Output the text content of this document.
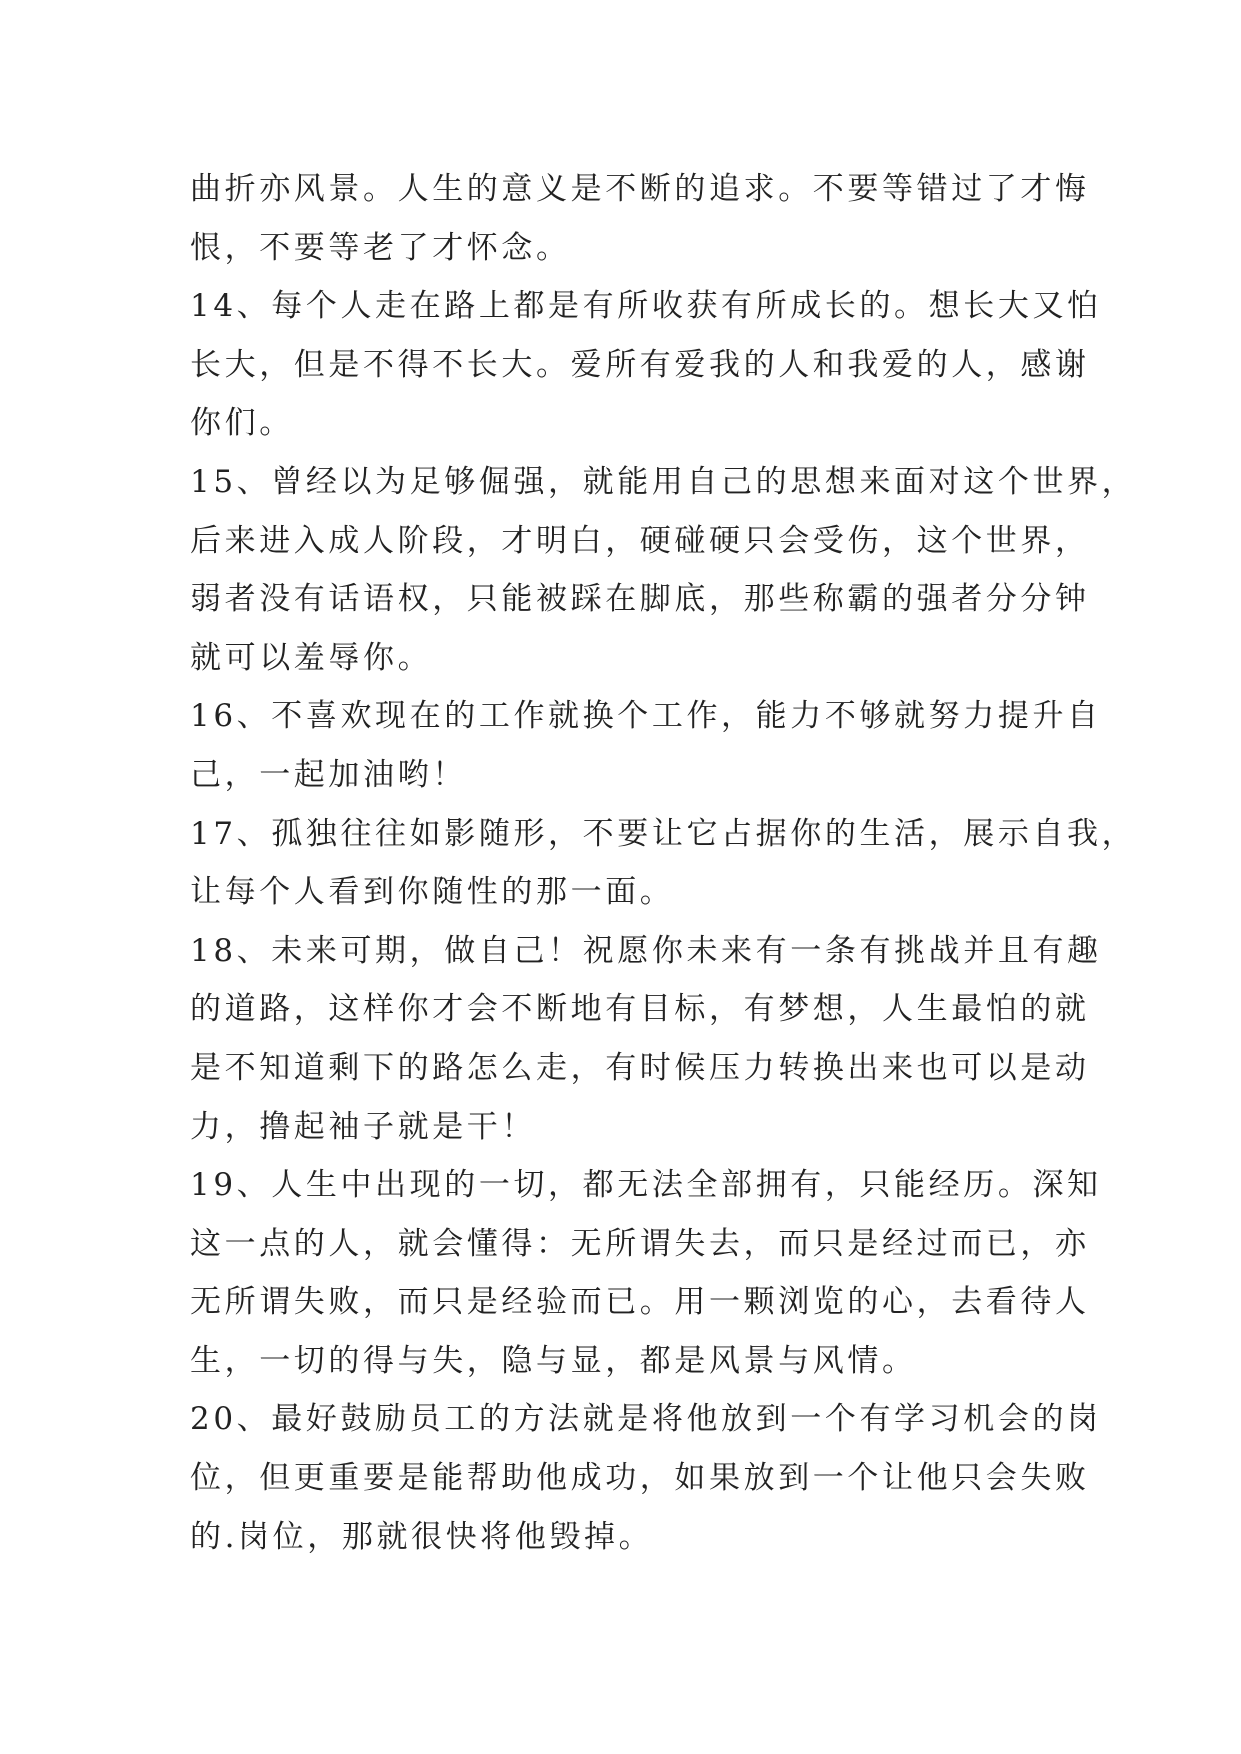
曲折亦风景。人生的意义是不断的追求。不要等错过了才悔
恨，不要等老了才怀念。

14、每个人走在路上都是有所收获有所成长的。想长大又怕
长大，但是不得不长大。爱所有爱我的人和我爱的人，感谢
你们。

15、曾经以为足够倔强，就能用自己的思想来面对这个世界，
后来进入成人阶段，才明白，硬碰硬只会受伤，这个世界，
弱者没有话语权，只能被踩在脚底，那些称霸的强者分分钟
就可以羞辱你。

16、不喜欢现在的工作就换个工作，能力不够就努力提升自
己，一起加油哟！

17、孤独往往如影随形，不要让它占据你的生活，展示自我，
让每个人看到你随性的那一面。

18、未来可期，做自己！祝愿你未来有一条有挑战并且有趣
的道路，这样你才会不断地有目标，有梦想，人生最怕的就
是不知道剩下的路怎么走，有时候压力转换出来也可以是动
力，撸起袖子就是干！

19、人生中出现的一切，都无法全部拥有，只能经历。深知
这一点的人，就会懂得：无所谓失去，而只是经过而已，亦
无所谓失败，而只是经验而已。用一颗浏览的心，去看待人
生，一切的得与失，隐与显，都是风景与风情。

20、最好鼓励员工的方法就是将他放到一个有学习机会的岗
位，但更重要是能帮助他成功，如果放到一个让他只会失败
的.岗位，那就很快将他毁掉。
